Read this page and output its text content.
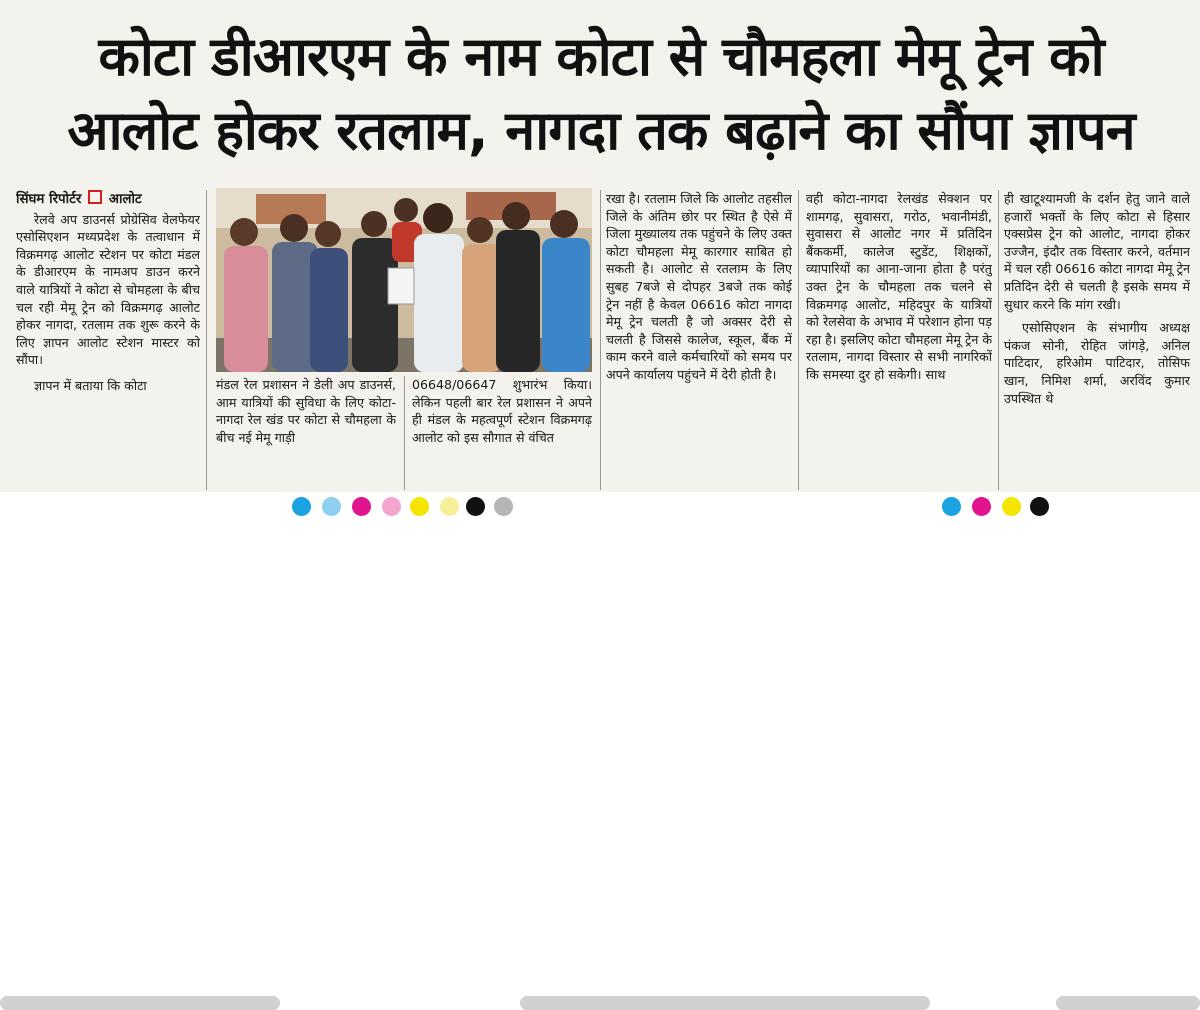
कोटा डीआरएम के नाम कोटा से चौमहला मेमू ट्रेन को
आलोट होकर रतलाम, नागदा तक बढ़ाने का सौंपा ज्ञापन
सिंघम रिपोर्टर आलोट

रेलवे अप डाउनर्स प्रोग्रेसिव वेलफेयर एसोसिएशन मध्यप्रदेश के तत्वाधान में विक्रमगढ़ आलोट स्टेशन पर कोटा मंडल के डीआरएम के नामअप डाउन करने वाले यात्रियों ने कोटा से चोमहला के बीच चल रही मेमू ट्रेन को विक्रमगढ़ आलोट होकर नागदा, रतलाम तक शुरू करने के लिए ज्ञापन आलोट स्टेशन मास्टर को सौंपा।

ज्ञापन में बताया कि कोटा	मंडल रेल प्रशासन ने डेली अप डाउनर्स, आम यात्रियों की सुविधा के लिए कोटा-नागदा रेल खंड पर कोटा से चौमहला के बीच नई मेमू गाड़ी

06648/06647 शुभारंभ किया। लेकिन पहली बार रेल प्रशासन ने अपने ही मंडल के महत्वपूर्ण स्टेशन विक्रमगढ़ आलोट को इस सौगात से वंचित

रखा है। रतलाम जिले कि आलोट तहसील जिले के अंतिम छोर पर स्थित है ऐसे में जिला मुख्यालय तक पहुंचने के लिए उक्त कोटा चौमहला मेमू कारगार साबित हो सकती है। आलोट से रतलाम के लिए सुबह 7बजे से दोपहर 3बजे तक कोई ट्रेन नहीं है केवल 06616 कोटा नागदा मेमू ट्रेन चलती है जो अक्सर देरी से चलती है जिससे कालेज, स्कूल, बैंक में काम करने वाले कर्मचारियों को समय पर अपने कार्यालय पहुंचने में देरी होती है।

वही कोटा-नागदा रेलखंड सेक्शन पर शामगढ़, सुवासरा, गरोठ, भवानीमंडी, सुवासरा से आलोट नगर में प्रतिदिन बैंककर्मी, कालेज स्टुडेंट, शिक्षकों, व्यापारियों का आना-जाना होता है परंतु उक्त ट्रेन के चौमहला तक चलने से विक्रमगढ़ आलोट, महिदपुर के यात्रियों को रेलसेवा के अभाव में परेशान होना पड़ रहा है। इसलिए कोटा चौमहला मेमू ट्रेन के रतलाम, नागदा विस्तार से सभी नागरिकों कि समस्या दुर हो सकेगी। साथ

ही खाटूश्यामजी के दर्शन हेतु जाने वाले हजारों भक्तों के लिए कोटा से हिसार एक्सप्रेस ट्रेन को आलोट, नागदा होकर उज्जैन, इंदौर तक विस्तार करने, वर्तमान में चल रही 06616 कोटा नागदा मेमू ट्रेन प्रतिदिन देरी से चलती है इसके समय में सुधार करने कि मांग रखी।

एसोसिएशन के संभागीय अध्यक्ष पंकज सोनी, रोहित जांगड़े, अनिल पाटिदार, हरिओम पाटिदार, तोसिफ खान, निमिश शर्मा, अरविंद कुमार उपस्थित थे
